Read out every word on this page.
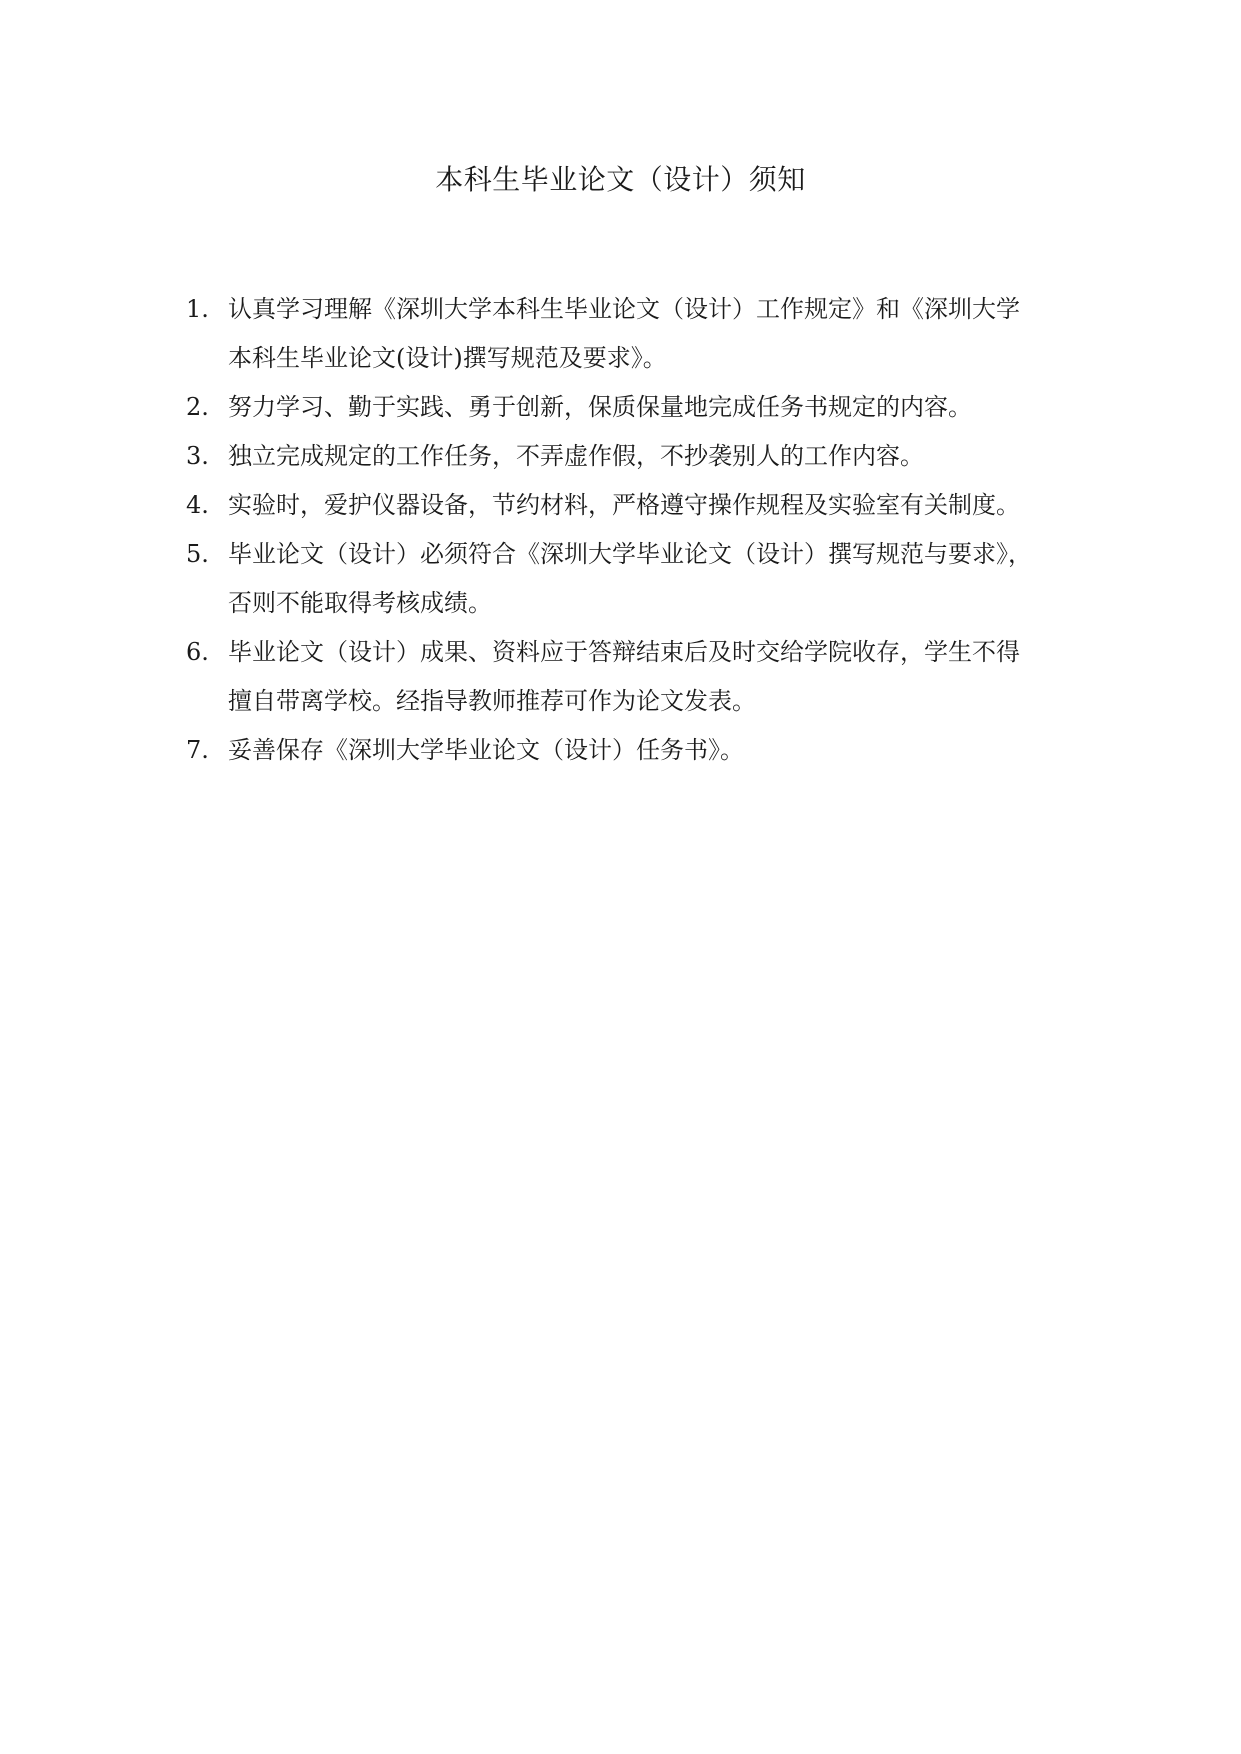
本科生毕业论文（设计）须知
1. 认真学习理解《深圳大学本科生毕业论文（设计）工作规定》和《深圳大学
本科生毕业论文(设计)撰写规范及要求》。
2. 努力学习、勤于实践、勇于创新，保质保量地完成任务书规定的内容。
3. 独立完成规定的工作任务，不弄虚作假，不抄袭别人的工作内容。
4. 实验时，爱护仪器设备，节约材料，严格遵守操作规程及实验室有关制度。
5. 毕业论文（设计）必须符合《深圳大学毕业论文（设计）撰写规范与要求》，
否则不能取得考核成绩。
6. 毕业论文（设计）成果、资料应于答辩结束后及时交给学院收存，学生不得
擅自带离学校。经指导教师推荐可作为论文发表。
7. 妥善保存《深圳大学毕业论文（设计）任务书》。
